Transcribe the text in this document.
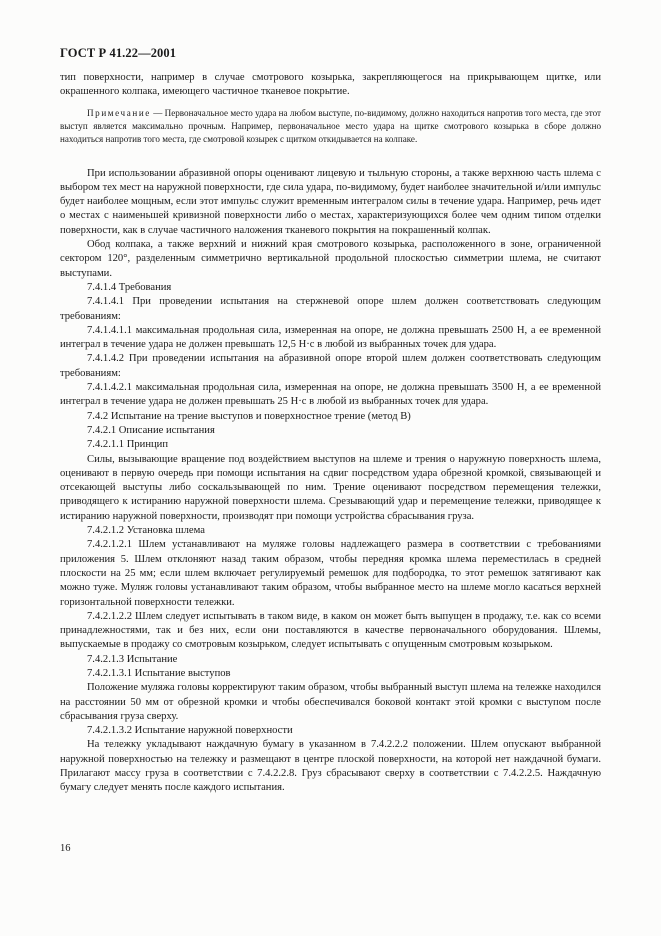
ГОСТ Р 41.22—2001

тип поверхности, например в случае смотрового козырька, закрепляющегося на прикрывающем щитке, или окрашенного колпака, имеющего частичное тканевое покрытие.

Примечание — Первоначальное место удара на любом выступе, по-видимому, должно находиться напротив того места, где этот выступ является максимально прочным. Например, первоначальное место удара на щитке смотрового козырька в сборе должно находиться напротив того места, где смотровой козырек с щитком откидывается на колпаке.

При использовании абразивной опоры оценивают лицевую и тыльную стороны, а также верхнюю часть шлема с выбором тех мест на наружной поверхности, где сила удара, по-видимому, будет наиболее значительной и/или импульс будет наиболее мощным, если этот импульс служит временным интегралом силы в течение удара. Например, речь идет о местах с наименьшей кривизной поверхности либо о местах, характеризующихся более чем одним типом отделки поверхности, как в случае частичного наложения тканевого покрытия на покрашенный колпак.

Обод колпака, а также верхний и нижний края смотрового козырька, расположенного в зоне, ограниченной сектором 120°, разделенным симметрично вертикальной продольной плоскостью симметрии шлема, не считают выступами.

7.4.1.4 Требования

7.4.1.4.1 При проведении испытания на стержневой опоре шлем должен соответствовать следующим требованиям:

7.4.1.4.1.1 максимальная продольная сила, измеренная на опоре, не должна превышать 2500 Н, а ее временной интеграл в течение удара не должен превышать 12,5 Н·с в любой из выбранных точек для удара.

7.4.1.4.2 При проведении испытания на абразивной опоре второй шлем должен соответствовать следующим требованиям:

7.4.1.4.2.1 максимальная продольная сила, измеренная на опоре, не должна превышать 3500 Н, а ее временной интеграл в течение удара не должен превышать 25 Н·с в любой из выбранных точек для удара.

7.4.2 Испытание на трение выступов и поверхностное трение (метод В)

7.4.2.1 Описание испытания

7.4.2.1.1 Принцип

Силы, вызывающие вращение под воздействием выступов на шлеме и трения о наружную поверхность шлема, оценивают в первую очередь при помощи испытания на сдвиг посредством удара обрезной кромкой, связывающей и отсекающей выступы либо соскальзывающей по ним. Трение оценивают посредством перемещения тележки, приводящего к истиранию наружной поверхности шлема. Срезывающий удар и перемещение тележки, приводящее к истиранию наружной поверхности, производят при помощи устройства сбрасывания груза.

7.4.2.1.2 Установка шлема

7.4.2.1.2.1 Шлем устанавливают на муляже головы надлежащего размера в соответствии с требованиями приложения 5. Шлем отклоняют назад таким образом, чтобы передняя кромка шлема переместилась в средней плоскости на 25 мм; если шлем включает регулируемый ремешок для подбородка, то этот ремешок затягивают как можно туже. Муляж головы устанавливают таким образом, чтобы выбранное место на шлеме могло касаться верхней горизонтальной поверхности тележки.

7.4.2.1.2.2 Шлем следует испытывать в таком виде, в каком он может быть выпущен в продажу, т.е. как со всеми принадлежностями, так и без них, если они поставляются в качестве первоначального оборудования. Шлемы, выпускаемые в продажу со смотровым козырьком, следует испытывать с опущенным смотровым козырьком.

7.4.2.1.3 Испытание

7.4.2.1.3.1 Испытание выступов

Положение муляжа головы корректируют таким образом, чтобы выбранный выступ шлема на тележке находился на расстоянии 50 мм от обрезной кромки и чтобы обеспечивался боковой контакт этой кромки с выступом после сбрасывания груза сверху.

7.4.2.1.3.2 Испытание наружной поверхности

На тележку укладывают наждачную бумагу в указанном в 7.4.2.2.2 положении. Шлем опускают выбранной наружной поверхностью на тележку и размещают в центре плоской поверхности, на которой нет наждачной бумаги. Прилагают массу груза в соответствии с 7.4.2.2.8. Груз сбрасывают сверху в соответствии с 7.4.2.2.5. Наждачную бумагу следует менять после каждого испытания.

16
